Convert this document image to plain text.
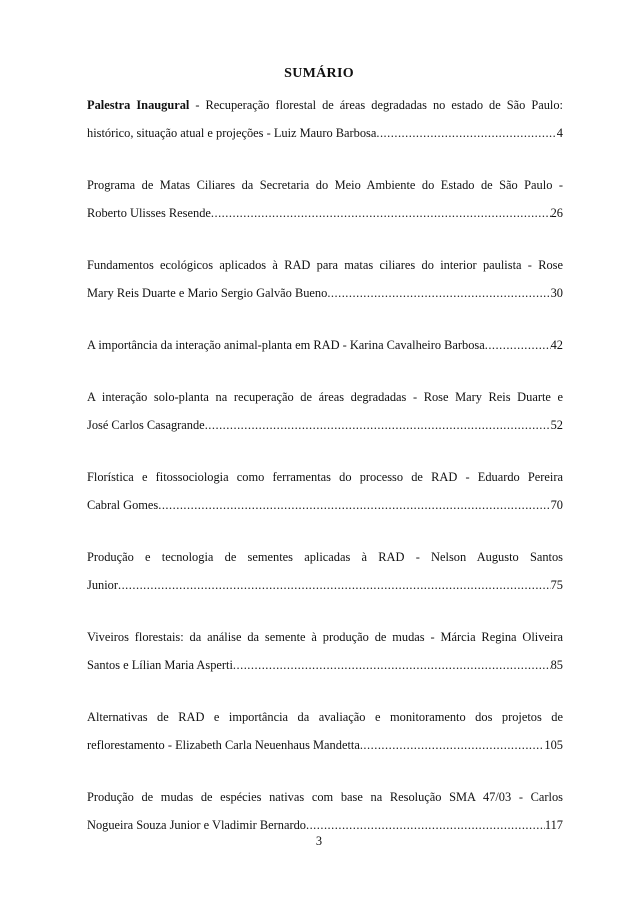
SUMÁRIO
Palestra Inaugural - Recuperação florestal de áreas degradadas no estado de São Paulo:
histórico, situação atual e projeções - Luiz Mauro Barbosa .....	4
Programa de Matas Ciliares da Secretaria do Meio Ambiente do Estado de São Paulo -
Roberto Ulisses Resende .....	26
Fundamentos ecológicos aplicados à RAD para matas ciliares do interior paulista - Rose
Mary Reis Duarte e Mario Sergio Galvão Bueno .....	30
A importância da interação animal-planta em RAD - Karina Cavalheiro Barbosa .....	42
A interação solo-planta na recuperação de áreas degradadas - Rose Mary Reis Duarte e
José Carlos Casagrande .....	52
Florística e fitossociologia como ferramentas do processo de RAD - Eduardo Pereira
Cabral Gomes .....	70
Produção e tecnologia de sementes aplicadas à RAD - Nelson Augusto Santos
Junior .....	75
Viveiros florestais: da análise da semente à produção de mudas - Márcia Regina Oliveira
Santos e Lílian Maria Asperti .....	85
Alternativas de RAD e importância da avaliação e monitoramento dos projetos de
reflorestamento - Elizabeth Carla Neuenhaus Mandetta .....	105
Produção de mudas de espécies nativas com base na Resolução SMA 47/03 - Carlos
Nogueira Souza Junior e Vladimir Bernardo .....	117
3
